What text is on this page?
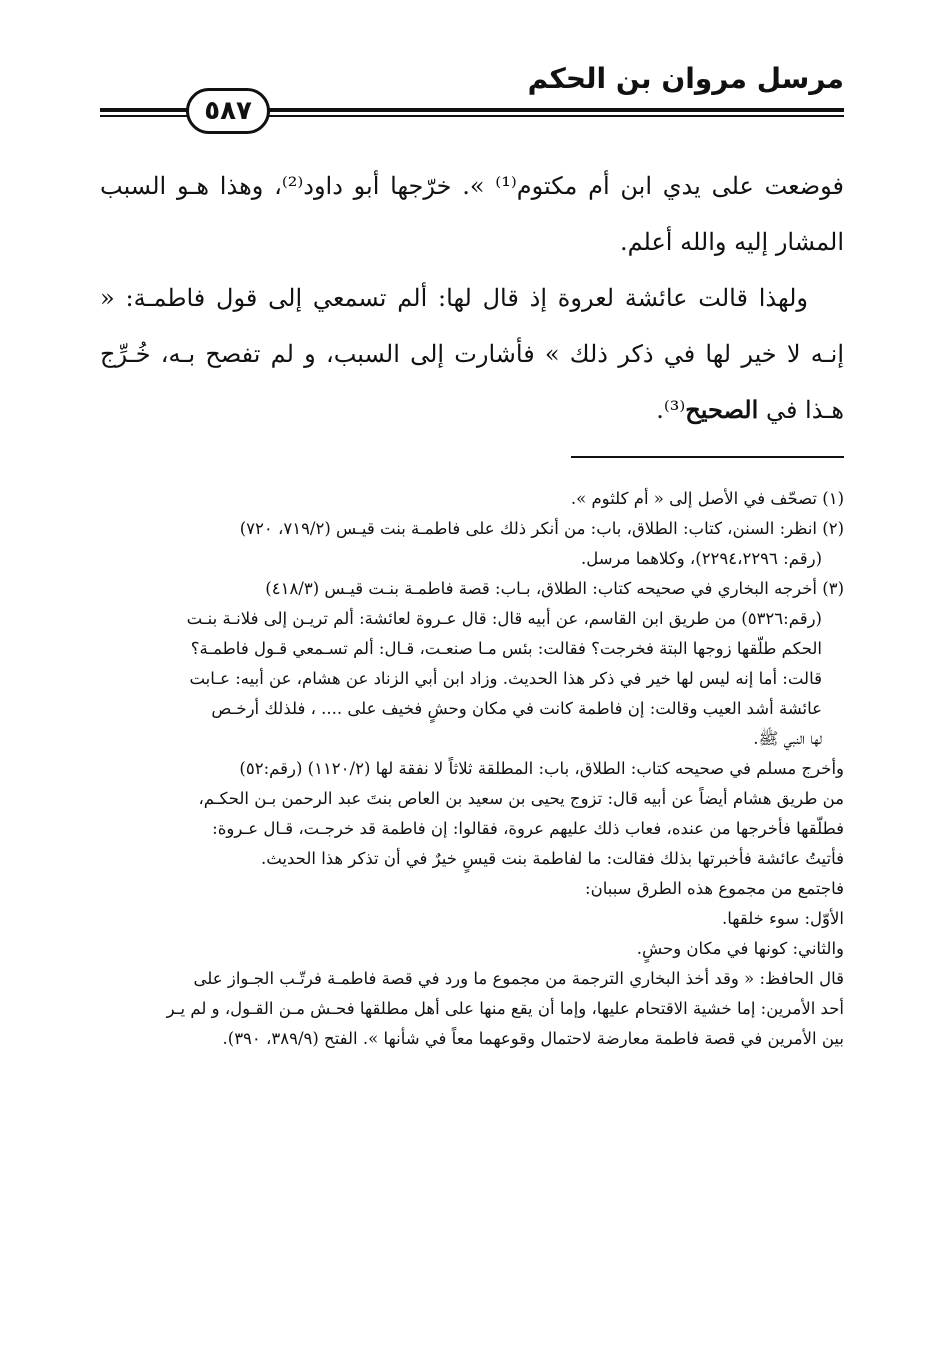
مرسل مروان بن الحكم
٥٨٧

فوضعت على يدي ابن أم مكتوم⁽¹⁾ ». خرّجها أبو داود⁽²⁾، وهذا هـو السبب المشار إليه والله أعلم.

ولهذا قالت عائشة لعروة إذ قال لها: ألم تسمعي إلى قول فاطمـة: « إنـه لا خير لها في ذكر ذلك » فأشارت إلى السبب، و لم تفصح بـه، خُـرِّج هـذا في الصحيح⁽³⁾.

(١) تصحّف في الأصل إلى « أم كلثوم ».

(٢) انظر: السنن، كتاب: الطلاق، باب: من أنكر ذلك على فاطمـة بنت قيـس (٧١٩/٢، ٧٢٠)

(رقم: ٢٢٩٤،٢٢٩٦)، وكلاهما مرسل.

(٣) أخرجه البخاري في صحيحه كتاب: الطلاق، بـاب: قصة فاطمـة بنـت قيـس (٤١٨/٣)

(رقم:٥٣٢٦) من طريق ابن القاسم، عن أبيه قال: قال عـروة لعائشة: ألم تريـن إلى فلانـة بنـت

الحكم طلّقها زوجها البتة فخرجت؟ فقالت: بئس مـا صنعـت، قـال: ألم تسـمعي قـول فاطمـة؟

قالت: أما إنه ليس لها خير في ذكر هذا الحديث. وزاد ابن أبي الزناد عن هشام، عن أبيه: عـابت

عائشة أشد العيب وقالت: إن فاطمة كانت في مكان وحشٍ فخيف على .... ، فلذلك أرخـص

لها النبي ﷺ.

وأخرج مسلم في صحيحه كتاب: الطلاق، باب: المطلقة ثلاثاً لا نفقة لها (١١٢٠/٢) (رقم:٥٢)

من طريق هشام أيضاً عن أبيه قال: تزوج يحيى بن سعيد بن العاص بنتَ عبد الرحمن بـن الحكـم،

فطلّقها فأخرجها من عنده، فعاب ذلك عليهم عروة، فقالوا: إن فاطمة قد خرجـت، قـال عـروة:

فأتيتُ عائشة فأخبرتها بذلك فقالت: ما لفاطمة بنت قيسٍ خيرٌ في أن تذكر هذا الحديث.

فاجتمع من مجموع هذه الطرق سببان:

الأوّل: سوء خلقها.

والثاني: كونها في مكان وحشٍ.

قال الحافظ: « وقد أخذ البخاري الترجمة من مجموع ما ورد في قصة فاطمـة فرتّـب الجـواز على

أحد الأمرين: إما خشية الاقتحام عليها، وإما أن يقع منها على أهل مطلقها فحـش مـن القـول، و لم يـر

بين الأمرين في قصة فاطمة معارضة لاحتمال وقوعهما معاً في شأنها ». الفتح (٣٨٩/٩، ٣٩٠).
